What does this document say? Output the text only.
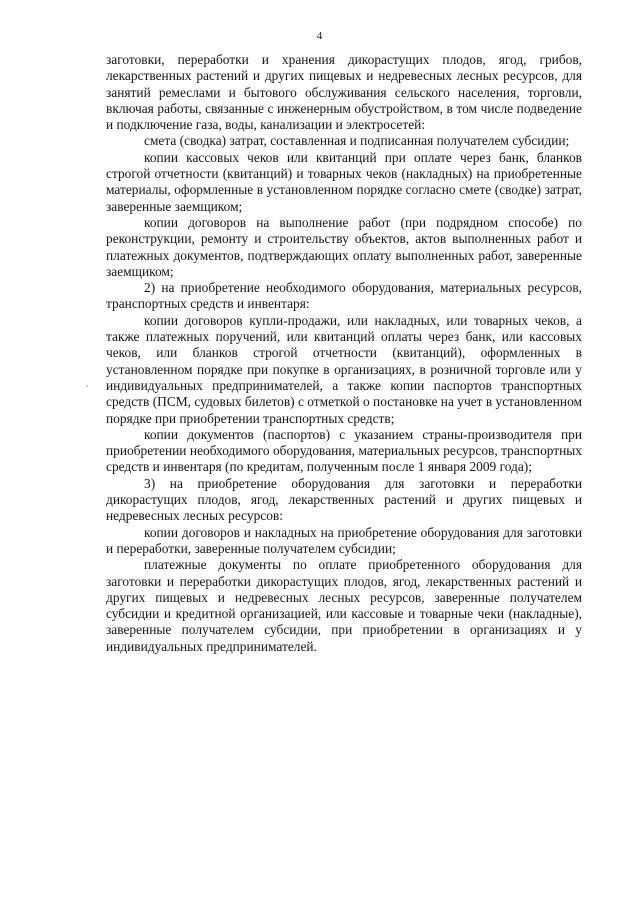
4

заготовки, переработки и хранения дикорастущих плодов, ягод, грибов, лекарственных растений и других пищевых и недревесных лесных ресурсов, для занятий ремеслами и бытового обслуживания сельского населения, торговли, включая работы, связанные с инженерным обустройством, в том числе подведение и подключение газа, воды, канализации и электросетей:

смета (сводка) затрат, составленная и подписанная получателем субсидии;

копии кассовых чеков или квитанций при оплате через банк, бланков строгой отчетности (квитанций) и товарных чеков (накладных) на приобретенные материалы, оформленные в установленном порядке согласно смете (сводке) затрат, заверенные заемщиком;

копии договоров на выполнение работ (при подрядном способе) по реконструкции, ремонту и строительству объектов, актов выполненных работ и платежных документов, подтверждающих оплату выполненных работ, заверенные заемщиком;

2) на приобретение необходимого оборудования, материальных ресурсов, транспортных средств и инвентаря:

копии договоров купли-продажи, или накладных, или товарных чеков, а также платежных поручений, или квитанций оплаты через банк, или кассовых чеков, или бланков строгой отчетности (квитанций), оформленных в установленном порядке при покупке в организациях, в розничной торговле или у индивидуальных предпринимателей, а также копии паспортов транспортных средств (ПСМ, судовых билетов) с отметкой о постановке на учет в установленном порядке при приобретении транспортных средств;

копии документов (паспортов) с указанием страны-производителя при приобретении необходимого оборудования, материальных ресурсов, транспортных средств и инвентаря (по кредитам, полученным после 1 января 2009 года);

3) на приобретение оборудования для заготовки и переработки дикорастущих плодов, ягод, лекарственных растений и других пищевых и недревесных лесных ресурсов:

копии договоров и накладных на приобретение оборудования для заготовки и переработки, заверенные получателем субсидии;

платежные документы по оплате приобретенного оборудования для заготовки и переработки дикорастущих плодов, ягод, лекарственных растений и других пищевых и недревесных лесных ресурсов, заверенные получателем субсидии и кредитной организацией, или кассовые и товарные чеки (накладные), заверенные получателем субсидии, при приобретении в организациях и у индивидуальных предпринимателей.
